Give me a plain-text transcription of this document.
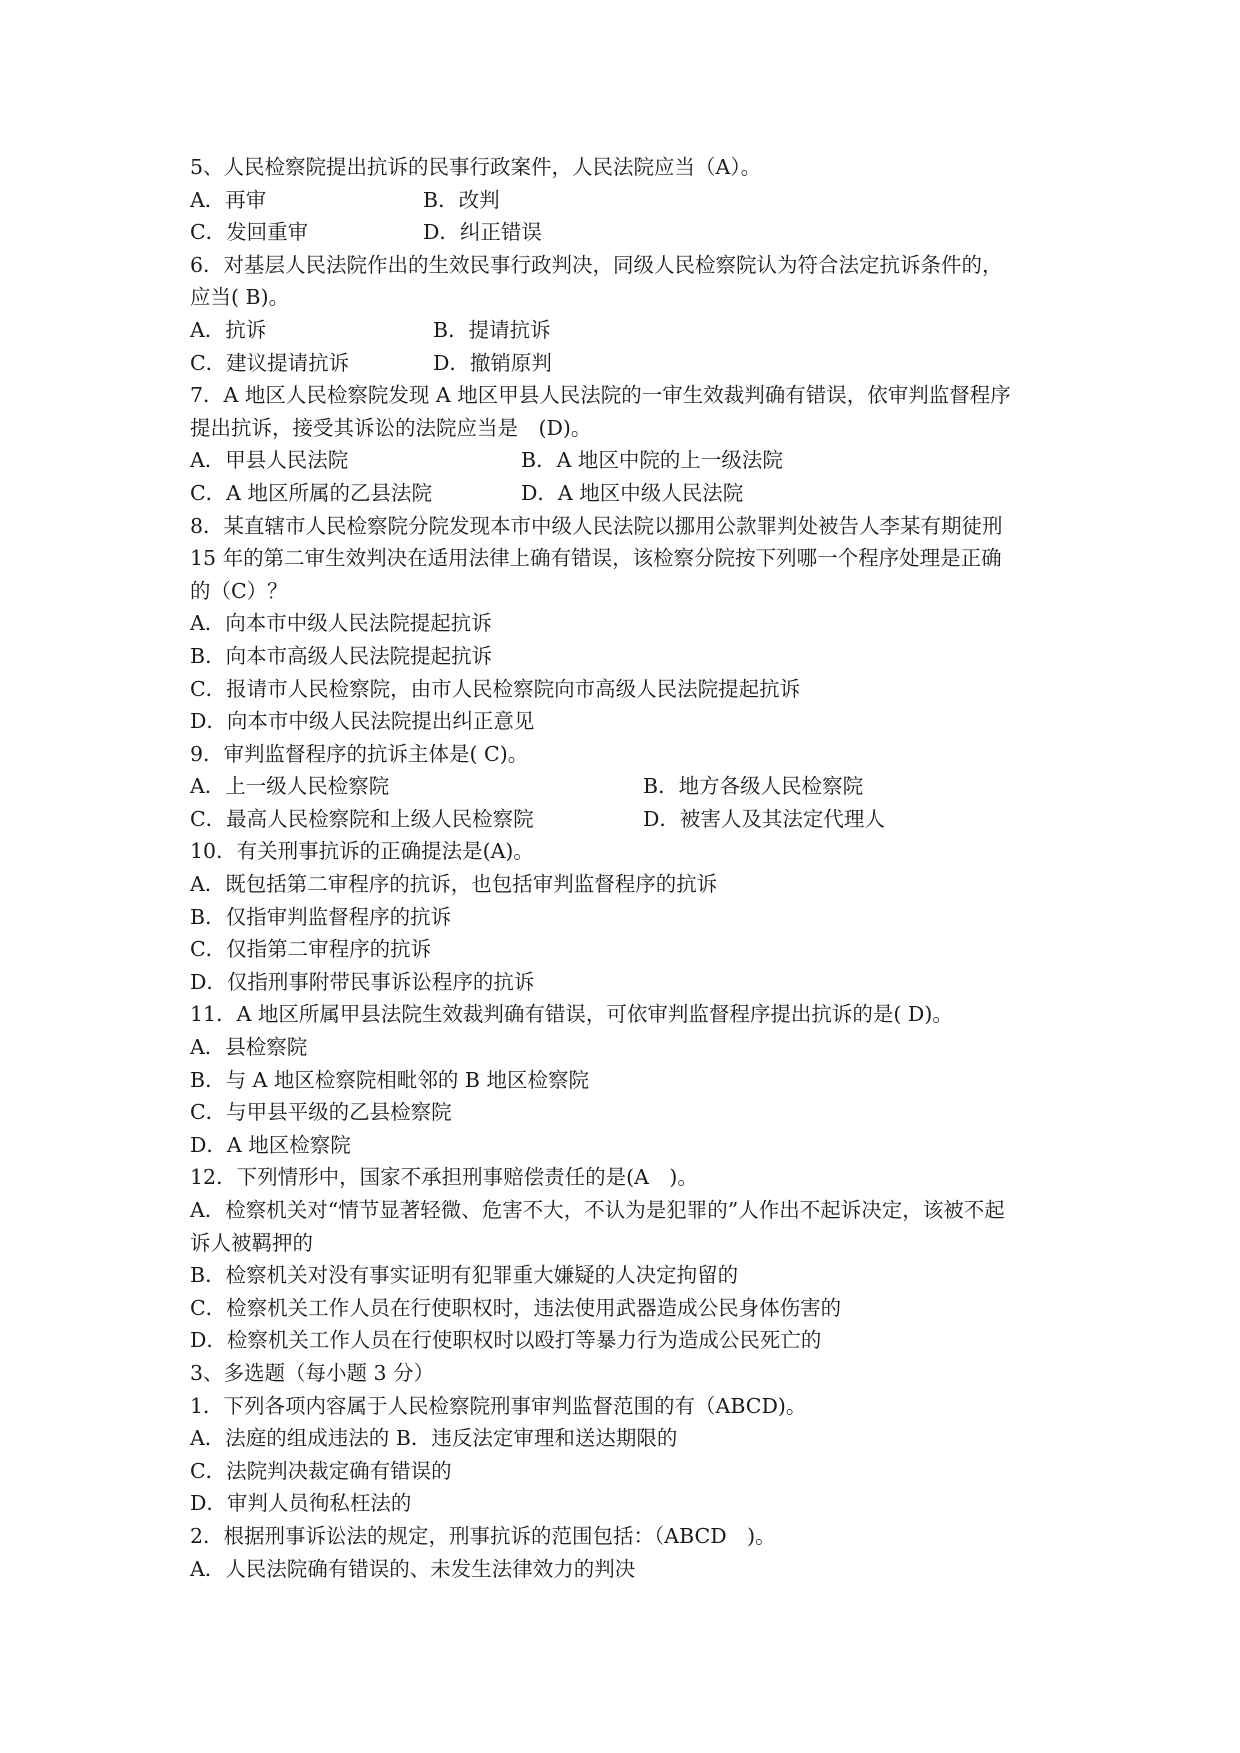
5、人民检察院提出抗诉的民事行政案件，人民法院应当（A）。
A．再审	B．改判
C．发回重审	D．纠正错误
6．对基层人民法院作出的生效民事行政判决，同级人民检察院认为符合法定抗诉条件的，
应当( B)。
A．抗诉	B．提请抗诉
C．建议提请抗诉	D．撤销原判
7．A 地区人民检察院发现 A 地区甲县人民法院的一审生效裁判确有错误，依审判监督程序
提出抗诉，接受其诉讼的法院应当是　(D)。
A．甲县人民法院	B．A 地区中院的上一级法院
C．A 地区所属的乙县法院	D．A 地区中级人民法院
8．某直辖市人民检察院分院发现本市中级人民法院以挪用公款罪判处被告人李某有期徒刑
15 年的第二审生效判决在适用法律上确有错误，该检察分院按下列哪一个程序处理是正确
的（C）？
A．向本市中级人民法院提起抗诉
B．向本市高级人民法院提起抗诉
C．报请市人民检察院，由市人民检察院向市高级人民法院提起抗诉
D．向本市中级人民法院提出纠正意见
9．审判监督程序的抗诉主体是( C)。
A．上一级人民检察院	B．地方各级人民检察院
C．最高人民检察院和上级人民检察院	D．被害人及其法定代理人
10．有关刑事抗诉的正确提法是(A)。
A．既包括第二审程序的抗诉，也包括审判监督程序的抗诉
B．仅指审判监督程序的抗诉
C．仅指第二审程序的抗诉
D．仅指刑事附带民事诉讼程序的抗诉
11．A 地区所属甲县法院生效裁判确有错误，可依审判监督程序提出抗诉的是( D)。
A．县检察院
B．与 A 地区检察院相毗邻的 B 地区检察院
C．与甲县平级的乙县检察院
D．A 地区检察院
12．下列情形中，国家不承担刑事赔偿责任的是(A　)。
A．检察机关对“情节显著轻微、危害不大，不认为是犯罪的”人作出不起诉决定，该被不起
诉人被羁押的
B．检察机关对没有事实证明有犯罪重大嫌疑的人决定拘留的
C．检察机关工作人员在行使职权时，违法使用武器造成公民身体伤害的
D．检察机关工作人员在行使职权时以殴打等暴力行为造成公民死亡的
3、多选题（每小题 3 分）
1．下列各项内容属于人民检察院刑事审判监督范围的有（ABCD)。
A．法庭的组成违法的 B．违反法定审理和送达期限的
C．法院判决裁定确有错误的
D．审判人员徇私枉法的
2．根据刑事诉讼法的规定，刑事抗诉的范围包括：（ABCD　)。
A．人民法院确有错误的、未发生法律效力的判决
